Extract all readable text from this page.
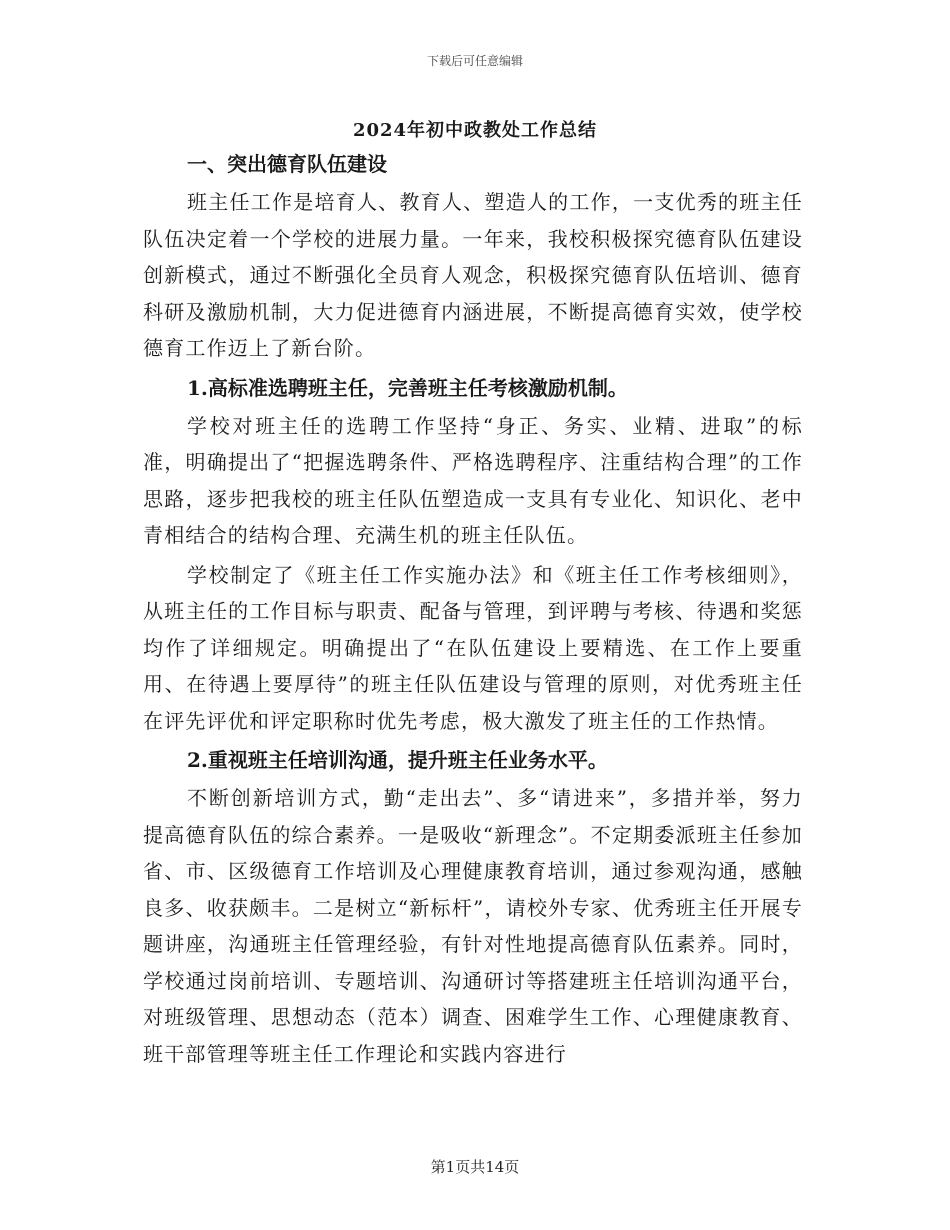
下载后可任意编辑
2024年初中政教处工作总结
一、突出德育队伍建设

班主任工作是培育人、教育人、塑造人的工作，一支优秀的班主任队伍决定着一个学校的进展力量。一年来，我校积极探究德育队伍建设创新模式，通过不断强化全员育人观念，积极探究德育队伍培训、德育科研及激励机制，大力促进德育内涵进展，不断提高德育实效，使学校德育工作迈上了新台阶。

1.高标准选聘班主任，完善班主任考核激励机制。

学校对班主任的选聘工作坚持“身正、务实、业精、进取”的标准，明确提出了“把握选聘条件、严格选聘程序、注重结构合理”的工作思路，逐步把我校的班主任队伍塑造成一支具有专业化、知识化、老中青相结合的结构合理、充满生机的班主任队伍。

学校制定了《班主任工作实施办法》和《班主任工作考核细则》，从班主任的工作目标与职责、配备与管理，到评聘与考核、待遇和奖惩均作了详细规定。明确提出了“在队伍建设上要精选、在工作上要重用、在待遇上要厚待”的班主任队伍建设与管理的原则，对优秀班主任在评先评优和评定职称时优先考虑，极大激发了班主任的工作热情。

2.重视班主任培训沟通，提升班主任业务水平。

不断创新培训方式，勤“走出去”、多“请进来”，多措并举，努力提高德育队伍的综合素养。一是吸收“新理念”。不定期委派班主任参加省、市、区级德育工作培训及心理健康教育培训，通过参观沟通，感触良多、收获颇丰。二是树立“新标杆”，请校外专家、优秀班主任开展专题讲座，沟通班主任管理经验，有针对性地提高德育队伍素养。同时，学校通过岗前培训、专题培训、沟通研讨等搭建班主任培训沟通平台，对班级管理、思想动态（范本）调查、困难学生工作、心理健康教育、班干部管理等班主任工作理论和实践内容进行

第1页共14页
